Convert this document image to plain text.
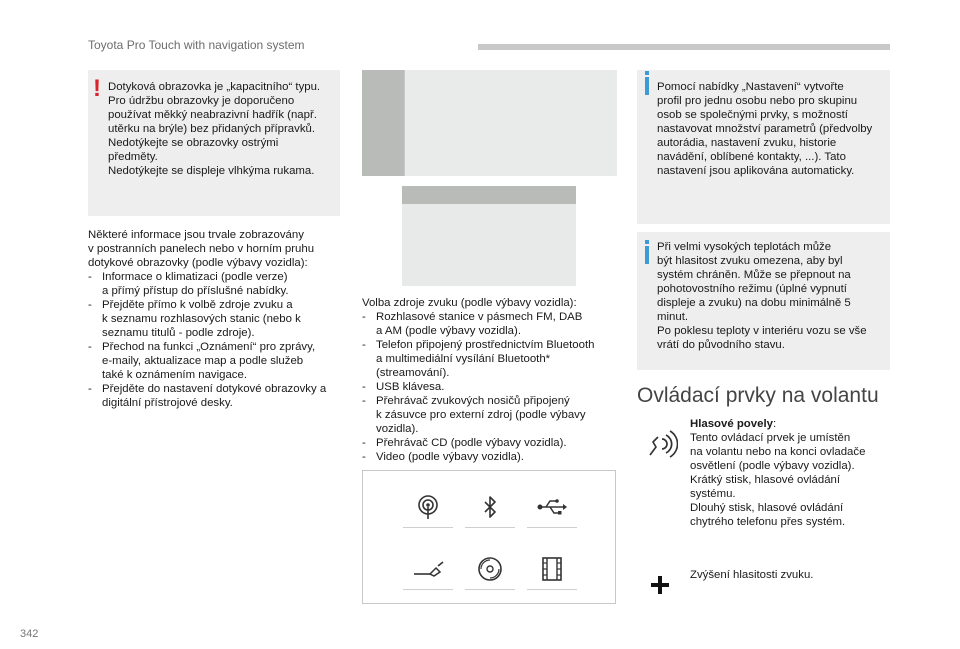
Toyota Pro Touch with navigation system
! Dotyková obrazovka je „kapacitního“ typu.
Pro údržbu obrazovky je doporučeno
používat měkký neabrazivní hadřík (např.
utěrku na brýle) bez přidaných přípravků.
Nedotýkejte se obrazovky ostrými
předměty.
Nedotýkejte se displeje vlhkýma rukama.
Některé informace jsou trvale zobrazovány
v postranních panelech nebo v horním pruhu
dotykové obrazovky (podle výbavy vozidla):
- Informace o klimatizaci (podle verze)
a přímý přístup do příslušné nabídky.
- Přejděte přímo k volbě zdroje zvuku a
k seznamu rozhlasových stanic (nebo k
seznamu titulů - podle zdroje).
- Přechod na funkci „Oznámení“ pro zprávy,
e-maily, aktualizace map a podle služeb
také k oznámením navigace.
- Přejděte do nastavení dotykové obrazovky a
digitální přístrojové desky.
Volba zdroje zvuku (podle výbavy vozidla):
- Rozhlasové stanice v pásmech FM, DAB
a AM (podle výbavy vozidla).
- Telefon připojený prostřednictvím Bluetooth
a multimediální vysílání Bluetooth*
(streamování).
- USB klávesa.
- Přehrávač zvukových nosičů připojený
k zásuvce pro externí zdroj (podle výbavy
vozidla).
- Přehrávač CD (podle výbavy vozidla).
- Video (podle výbavy vozidla).
Pomocí nabídky „Nastavení“ vytvořte
profil pro jednu osobu nebo pro skupinu
osob se společnými prvky, s možností
nastavovat množství parametrů (předvolby
autorádia, nastavení zvuku, historie
navádění, oblíbené kontakty, ...). Tato
nastavení jsou aplikována automaticky.
Při velmi vysokých teplotách může
být hlasitost zvuku omezena, aby byl
systém chráněn. Může se přepnout na
pohotovostního režimu (úplné vypnutí
displeje a zvuku) na dobu minimálně 5
minut.
Po poklesu teploty v interiéru vozu se vše
vrátí do původního stavu.
Ovládací prvky na volantu
Hlasové povely:
Tento ovládací prvek je umístěn
na volantu nebo na konci ovladače
osvětlení (podle výbavy vozidla).
Krátký stisk, hlasové ovládání
systému.
Dlouhý stisk, hlasové ovládání
chytrého telefonu přes systém.
Zvýšení hlasitosti zvuku.
342
